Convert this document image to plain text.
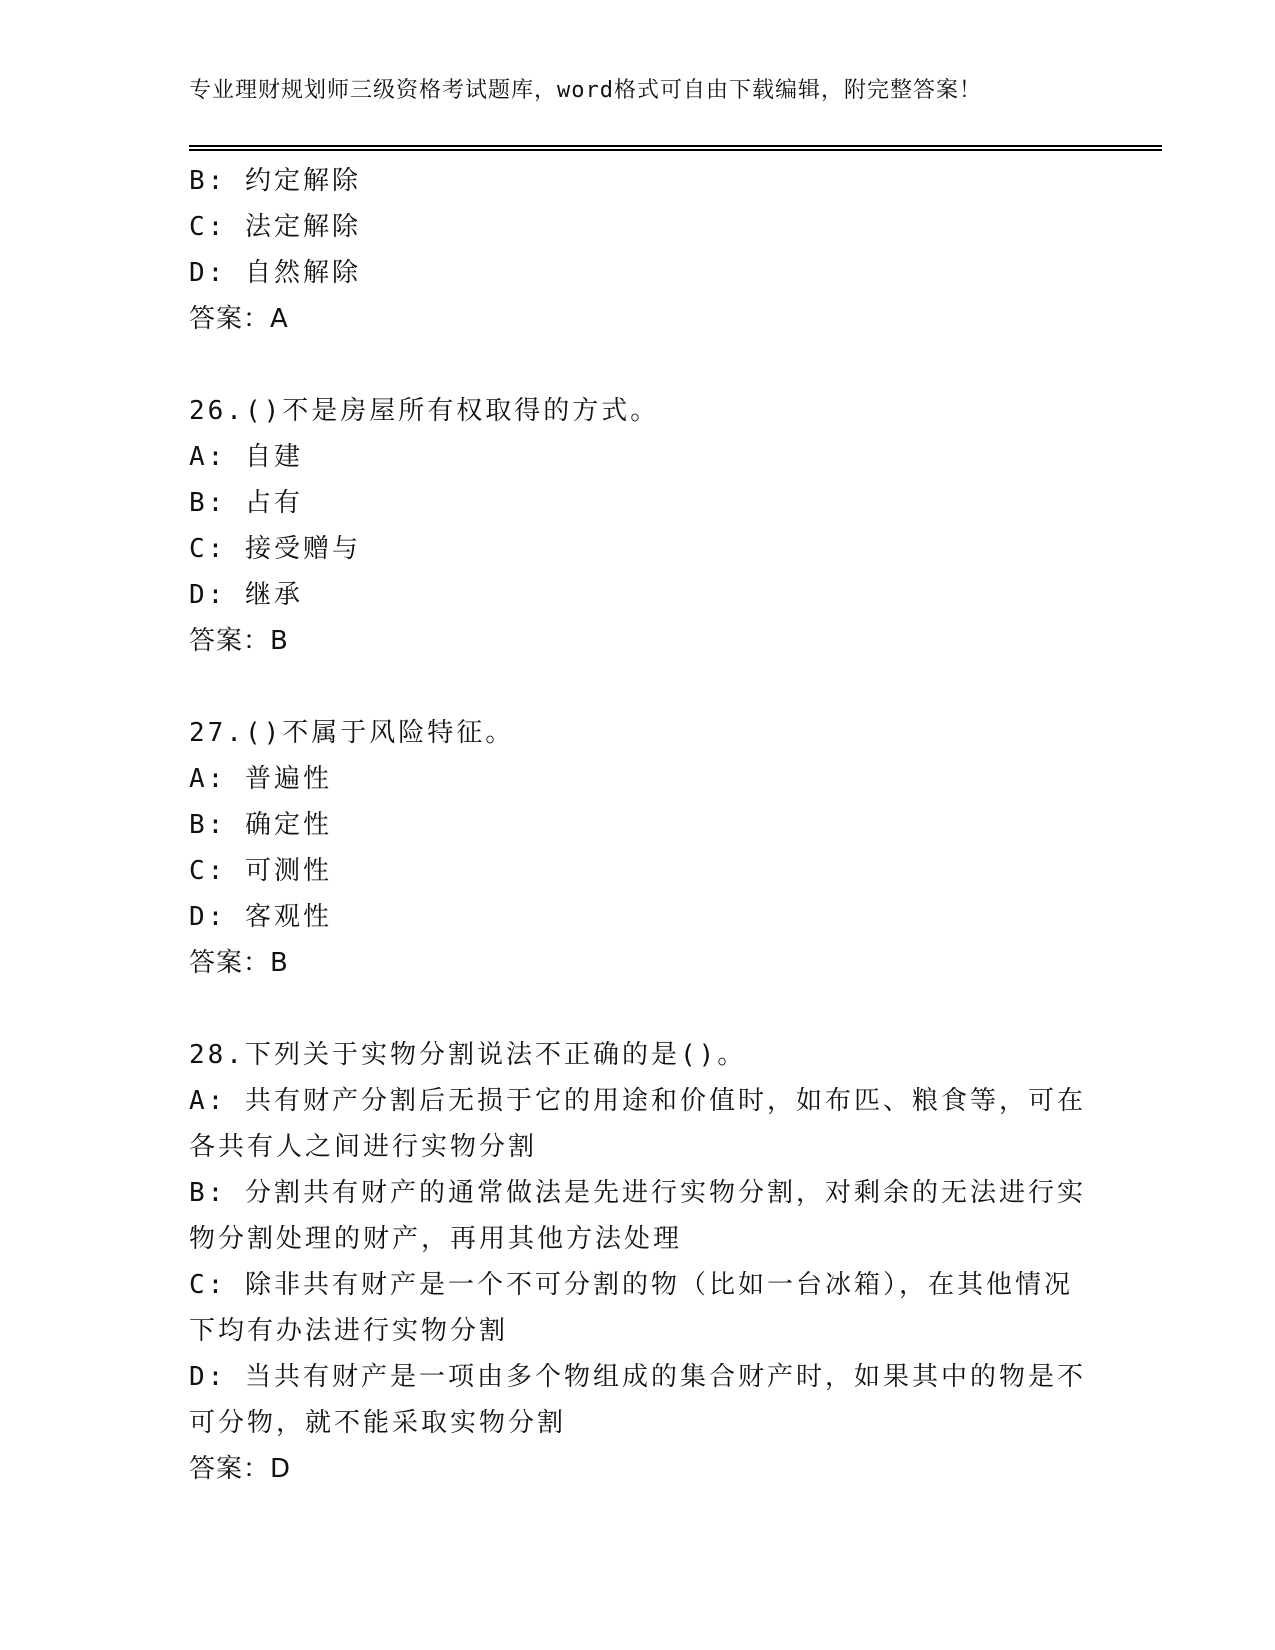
专业理财规划师三级资格考试题库，word格式可自由下载编辑，附完整答案！
B: 约定解除
C: 法定解除
D: 自然解除
答案：A
26.()不是房屋所有权取得的方式。
A: 自建
B: 占有
C: 接受赠与
D: 继承
答案：B
27.()不属于风险特征。
A: 普遍性
B: 确定性
C: 可测性
D: 客观性
答案：B
28.下列关于实物分割说法不正确的是()。
A: 共有财产分割后无损于它的用途和价值时，如布匹、粮食等，可在
各共有人之间进行实物分割
B: 分割共有财产的通常做法是先进行实物分割，对剩余的无法进行实
物分割处理的财产，再用其他方法处理
C: 除非共有财产是一个不可分割的物（比如一台冰箱），在其他情况
下均有办法进行实物分割
D: 当共有财产是一项由多个物组成的集合财产时，如果其中的物是不
可分物，就不能采取实物分割
答案：D
